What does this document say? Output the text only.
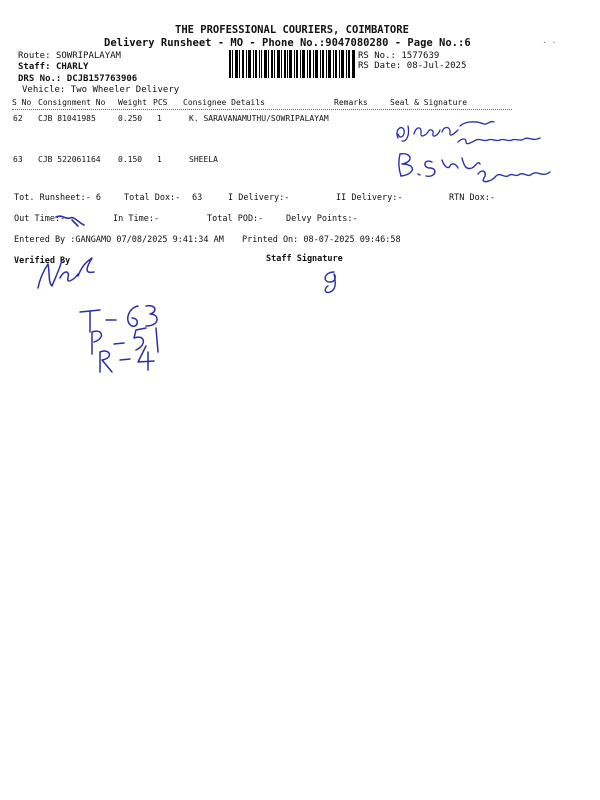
THE PROFESSIONAL COURIERS, COIMBATORE
Delivery Runsheet - MO - Phone No.:9047080280 - Page No.:6
Route: SOWRIPALAYAM
Staff: CHARLY
DRS No.: DCJB157763906
Vehicle: Two Wheeler Delivery
RS No.: 1577639
RS Date: 08-Jul-2025
S No Consignment No Weight PCS Consignee Details	Remarks	Seal & Signature
62 CJB 81041985	0.250 1	K. SARAVANAMUTHU/SOWRIPALAYAM
63 CJB 522061164 0.150 1	SHEELA
Tot. Runsheet:- 6	Total Dox:- 63	I Delivery:-	II Delivery:-	RTN Dox:-
Out Time:-	In Time:-	Total POD:-	Delvy Points:-
Entered By :GANGAMO 07/08/2025 9:41:34 AM Printed On: 08-07-2025 09:46:58
Verified By	Staff Signature
· ·
